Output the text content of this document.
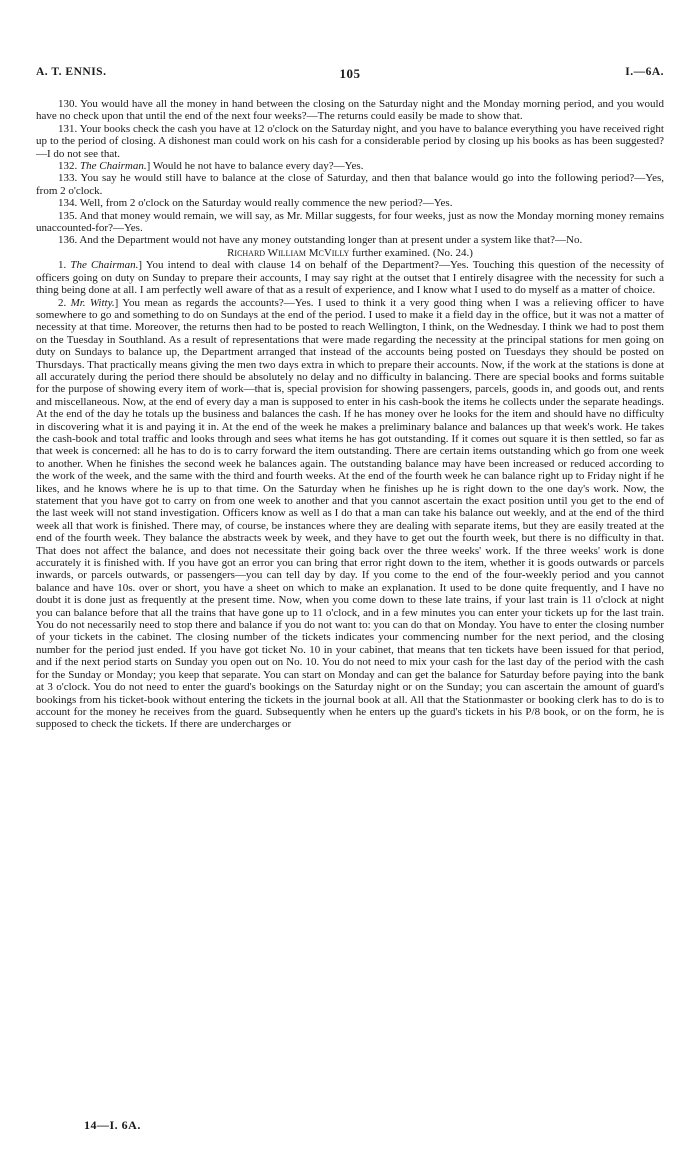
A. T. ENNIS.	105	I.—6A.

130. You would have all the money in hand between the closing on the Saturday night and the Monday morning period, and you would have no check upon that until the end of the next four weeks?—The returns could easily be made to show that.

131. Your books check the cash you have at 12 o'clock on the Saturday night, and you have to balance everything you have received right up to the period of closing. A dishonest man could work on his cash for a considerable period by closing up his books as has been suggested?—I do not see that.

132. The Chairman.] Would he not have to balance every day?—Yes.

133. You say he would still have to balance at the close of Saturday, and then that balance would go into the following period?—Yes, from 2 o'clock.

134. Well, from 2 o'clock on the Saturday would really commence the new period?—Yes.

135. And that money would remain, we will say, as Mr. Millar suggests, for four weeks, just as now the Monday morning money remains unaccounted-for?—Yes.

136. And the Department would not have any money outstanding longer than at present under a system like that?—No.

Richard William McVilly further examined. (No. 24.)

1. The Chairman.] You intend to deal with clause 14 on behalf of the Department?—Yes. Touching this question of the necessity of officers going on duty on Sunday to prepare their accounts, I may say right at the outset that I entirely disagree with the necessity for such a thing being done at all. I am perfectly well aware of that as a result of experience, and I know what I used to do myself as a matter of choice.

2. Mr. Witty.] You mean as regards the accounts?—Yes. I used to think it a very good thing when I was a relieving officer to have somewhere to go and something to do on Sundays at the end of the period. I used to make it a field day in the office, but it was not a matter of necessity at that time. Moreover, the returns then had to be posted to reach Wellington, I think, on the Wednesday. I think we had to post them on the Tuesday in Southland. As a result of representations that were made regarding the necessity at the principal stations for men going on duty on Sundays to balance up, the Department arranged that instead of the accounts being posted on Tuesdays they should be posted on Thursdays. That practically means giving the men two days extra in which to prepare their accounts. Now, if the work at the stations is done at all accurately during the period there should be absolutely no delay and no difficulty in balancing. There are special books and forms suitable for the purpose of showing every item of work—that is, special provision for showing passengers, parcels, goods in, and goods out, and rents and miscellaneous. Now, at the end of every day a man is supposed to enter in his cash-book the items he collects under the separate headings. At the end of the day he totals up the business and balances the cash. If he has money over he looks for the item and should have no difficulty in discovering what it is and paying it in. At the end of the week he makes a preliminary balance and balances up that week's work. He takes the cash-book and total traffic and looks through and sees what items he has got outstanding. If it comes out square it is then settled, so far as that week is concerned: all he has to do is to carry forward the item outstanding. There are certain items outstanding which go from one week to another. When he finishes the second week he balances again. The outstanding balance may have been increased or reduced according to the work of the week, and the same with the third and fourth weeks. At the end of the fourth week he can balance right up to Friday night if he likes, and he knows where he is up to that time. On the Saturday when he finishes up he is right down to the one day's work. Now, the statement that you have got to carry on from one week to another and that you cannot ascertain the exact position until you get to the end of the last week will not stand investigation. Officers know as well as I do that a man can take his balance out weekly, and at the end of the third week all that work is finished. There may, of course, be instances where they are dealing with separate items, but they are easily treated at the end of the fourth week. They balance the abstracts week by week, and they have to get out the fourth week, but there is no difficulty in that. That does not affect the balance, and does not necessitate their going back over the three weeks' work. If the three weeks' work is done accurately it is finished with. If you have got an error you can bring that error right down to the item, whether it is goods outwards or parcels inwards, or parcels outwards, or passengers—you can tell day by day. If you come to the end of the four-weekly period and you cannot balance and have 10s. over or short, you have a sheet on which to make an explanation. It used to be done quite frequently, and I have no doubt it is done just as frequently at the present time. Now, when you come down to these late trains, if your last train is 11 o'clock at night you can balance before that all the trains that have gone up to 11 o'clock, and in a few minutes you can enter your tickets up for the last train. You do not necessarily need to stop there and balance if you do not want to: you can do that on Monday. You have to enter the closing number of your tickets in the cabinet. The closing number of the tickets indicates your commencing number for the next period, and the closing number for the period just ended. If you have got ticket No. 10 in your cabinet, that means that ten tickets have been issued for that period, and if the next period starts on Sunday you open out on No. 10. You do not need to mix your cash for the last day of the period with the cash for the Sunday or Monday; you keep that separate. You can start on Monday and can get the balance for Saturday before paying into the bank at 3 o'clock. You do not need to enter the guard's bookings on the Saturday night or on the Sunday; you can ascertain the amount of guard's bookings from his ticket-book without entering the tickets in the journal book at all. All that the Stationmaster or booking clerk has to do is to account for the money he receives from the guard. Subsequently when he enters up the guard's tickets in his P/8 book, or on the form, he is supposed to check the tickets. If there are undercharges or

14—I. 6A.
